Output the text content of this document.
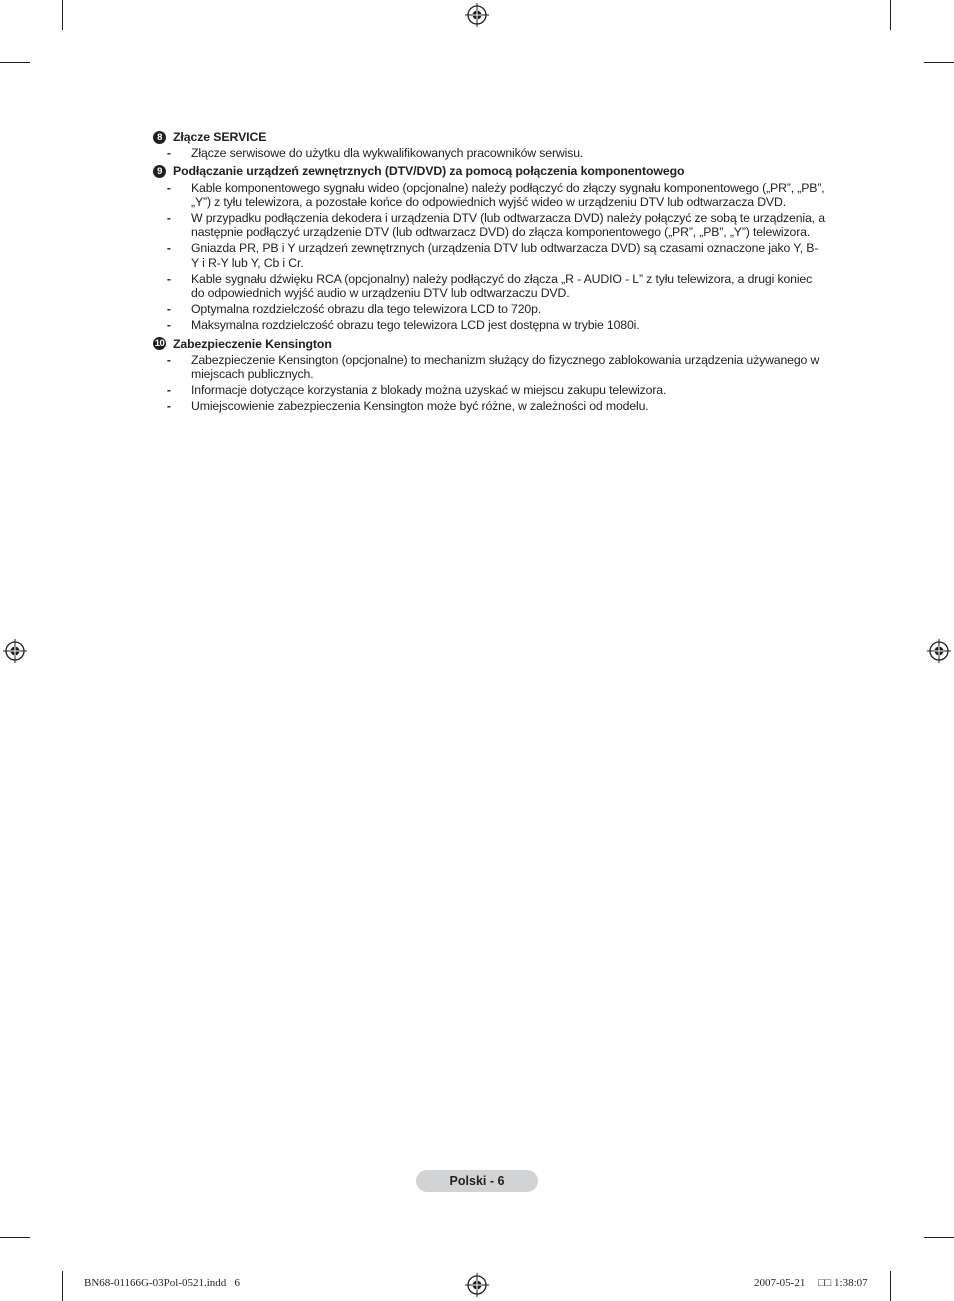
8 Złącze SERVICE
- Złącze serwisowe do użytku dla wykwalifikowanych pracowników serwisu.
9 Podłączanie urządzeń zewnętrznych (DTV/DVD) za pomocą połączenia komponentowego
- Kable komponentowego sygnału wideo (opcjonalne) należy podłączyć do złączy sygnału komponentowego („PR”, „PB”, „Y”) z tyłu telewizora, a pozostałe końce do odpowiednich wyjść wideo w urządzeniu DTV lub odtwarzacza DVD.
- W przypadku podłączenia dekodera i urządzenia DTV (lub odtwarzacza DVD) należy połączyć ze sobą te urządzenia, a następnie podłączyć urządzenie DTV (lub odtwarzacz DVD) do złącza komponentowego („PR”, „PB”, „Y”) telewizora.
- Gniazda PR, PB i Y urządzeń zewnętrznych (urządzenia DTV lub odtwarzacza DVD) są czasami oznaczone jako Y, B-Y i R-Y lub Y, Cb i Cr.
- Kable sygnału dźwięku RCA (opcjonalny) należy podłączyć do złącza „R - AUDIO - L” z tyłu telewizora, a drugi koniec do odpowiednich wyjść audio w urządzeniu DTV lub odtwarzaczu DVD.
- Optymalna rozdzielczość obrazu dla tego telewizora LCD to 720p.
- Maksymalna rozdzielczość obrazu tego telewizora LCD jest dostępna w trybie 1080i.
10 Zabezpieczenie Kensington
- Zabezpieczenie Kensington (opcjonalne) to mechanizm służący do fizycznego zablokowania urządzenia używanego w miejscach publicznych.
- Informacje dotyczące korzystania z blokady można uzyskać w miejscu zakupu telewizora.
- Umiejscowienie zabezpieczenia Kensington może być różne, w zależności od modelu.
Polski - 6
BN68-01166G-03Pol-0521.indd   6	2007-05-21 □□ 1:38:07
